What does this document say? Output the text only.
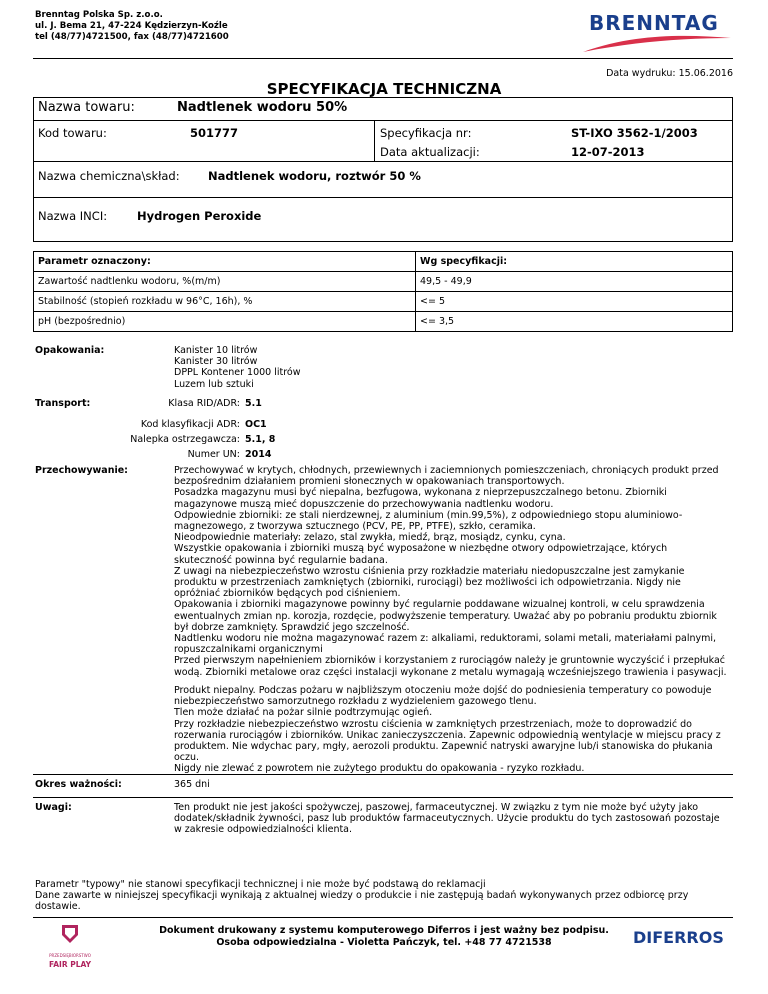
Brenntag Polska Sp. z.o.o.
ul. J. Bema 21, 47-224 Kędzierzyn-Koźle
tel (48/77)4721500, fax (48/77)4721600
BRENNTAG
Data wydruku: 15.06.2016
SPECYFIKACJA TECHNICZNA
Nazwa towaru:	Nadtlenek wodoru 50%
Kod towaru:	501777	Specyfikacja nr:	ST-IXO 3562-1/2003
Data aktualizacji:	12-07-2013
Nazwa chemiczna\skład: Nadtlenek wodoru, roztwór 50 %
Nazwa INCI:	Hydrogen Peroxide
Parametr oznaczony:	Wg specyfikacji:
Zawartość nadtlenku wodoru, %(m/m)	49,5 - 49,9
Stabilność (stopień rozkładu w 96°C, 16h), %	<= 5
pH (bezpośrednio)	<= 3,5
Opakowania:	Kanister 10 litrów
Kanister 30 litrów
DPPL Kontener 1000 litrów
Luzem lub sztuki
Transport:	Klasa RID/ADR: 5.1
Kod klasyfikacji ADR: OC1
Nalepka ostrzegawcza: 5.1, 8
Numer UN: 2014
Przechowywanie:	Przechowywać w krytych, chłodnych, przewiewnych i zaciemnionych pomieszczeniach, chroniących produkt przed
bezpośrednim działaniem promieni słonecznych w opakowaniach transportowych.
Posadzka magazynu musi być niepalna, bezfugowa, wykonana z nieprzepuszczalnego betonu. Zbiorniki
magazynowe muszą mieć dopuszczenie do przechowywania nadtlenku wodoru.
Odpowiednie zbiorniki: ze stali nierdzewnej, z aluminium (min.99,5%), z odpowiedniego stopu aluminiowo-
magnezowego, z tworzywa sztucznego (PCV, PE, PP, PTFE), szkło, ceramika.
Nieodpowiednie materiały: zelazo, stal zwykła, miedź, brąz, mosiądz, cynku, cyna.
Wszystkie opakowania i zbiorniki muszą być wyposażone w niezbędne otwory odpowietrzające, których
skuteczność powinna być regularnie badana.
Z uwagi na niebezpieczeństwo wzrostu ciśnienia przy rozkładzie materiału niedopuszczalne jest zamykanie
produktu w przestrzeniach zamkniętych (zbiorniki, rurociągi) bez możliwości ich odpowietrzania. Nigdy nie
opróżniać zbiorników będących pod ciśnieniem.
Opakowania i zbiorniki magazynowe powinny być regularnie poddawane wizualnej kontroli, w celu sprawdzenia
ewentualnych zmian np. korozja, rozdęcie, podwyższenie temperatury. Uważać aby po pobraniu produktu zbiornik
był dobrze zamknięty. Sprawdzić jego szczelność.
Nadtlenku wodoru nie można magazynować razem z: alkaliami, reduktorami, solami metali, materiałami palnymi,
ropuszczalnikami organicznymi
Przed pierwszym napełnieniem zbiorników i korzystaniem z rurociągów należy je gruntownie wyczyścić i przepłukać
wodą. Zbiorniki metalowe oraz części instalacji wykonane z metalu wymagają wcześniejszego trawienia i pasywacji.
Produkt niepalny. Podczas pożaru w najbliższym otoczeniu może dojść do podniesienia temperatury co powoduje
niebezpieczeństwo samorzutnego rozkładu z wydzieleniem gazowego tlenu.
Tlen może działać na pożar silnie podtrzymując ogień.
Przy rozkładzie niebezpieczeństwo wzrostu ciścienia w zamkniętych przestrzeniach, może to doprowadzić do
rozerwania rurociągów i zbiorników. Unikac zanieczyszczenia. Zapewnic odpowiednią wentylacje w miejscu pracy z
produktem. Nie wdychac pary, mgły, aerozoli produktu. Zapewnić natryski awaryjne lub/i stanowiska do płukania
oczu.
Nigdy nie zlewać z powrotem nie zużytego produktu do opakowania - ryzyko rozkładu.
Okres ważności:	365 dni
Uwagi:	Ten produkt nie jest jakości spożywczej, paszowej, farmaceutycznej. W związku z tym nie może być użyty jako
dodatek/składnik żywności, pasz lub produktów farmaceutycznych. Użycie produktu do tych zastosowań pozostaje
w zakresie odpowiedzialności klienta.
Parametr "typowy" nie stanowi specyfikacji technicznej i nie może być podstawą do reklamacji
Dane zawarte w niniejszej specyfikacji wynikają z aktualnej wiedzy o produkcie i nie zastępują badań wykonywanych przez odbiorcę przy
dostawie.
PRZEDSIĘBIORSTWO
FAIR PLAY
Dokument drukowany z systemu komputerowego Diferros i jest ważny bez podpisu.
Osoba odpowiedzialna - Violetta Pańczyk, tel. +48 77 4721538	DIFERROS
